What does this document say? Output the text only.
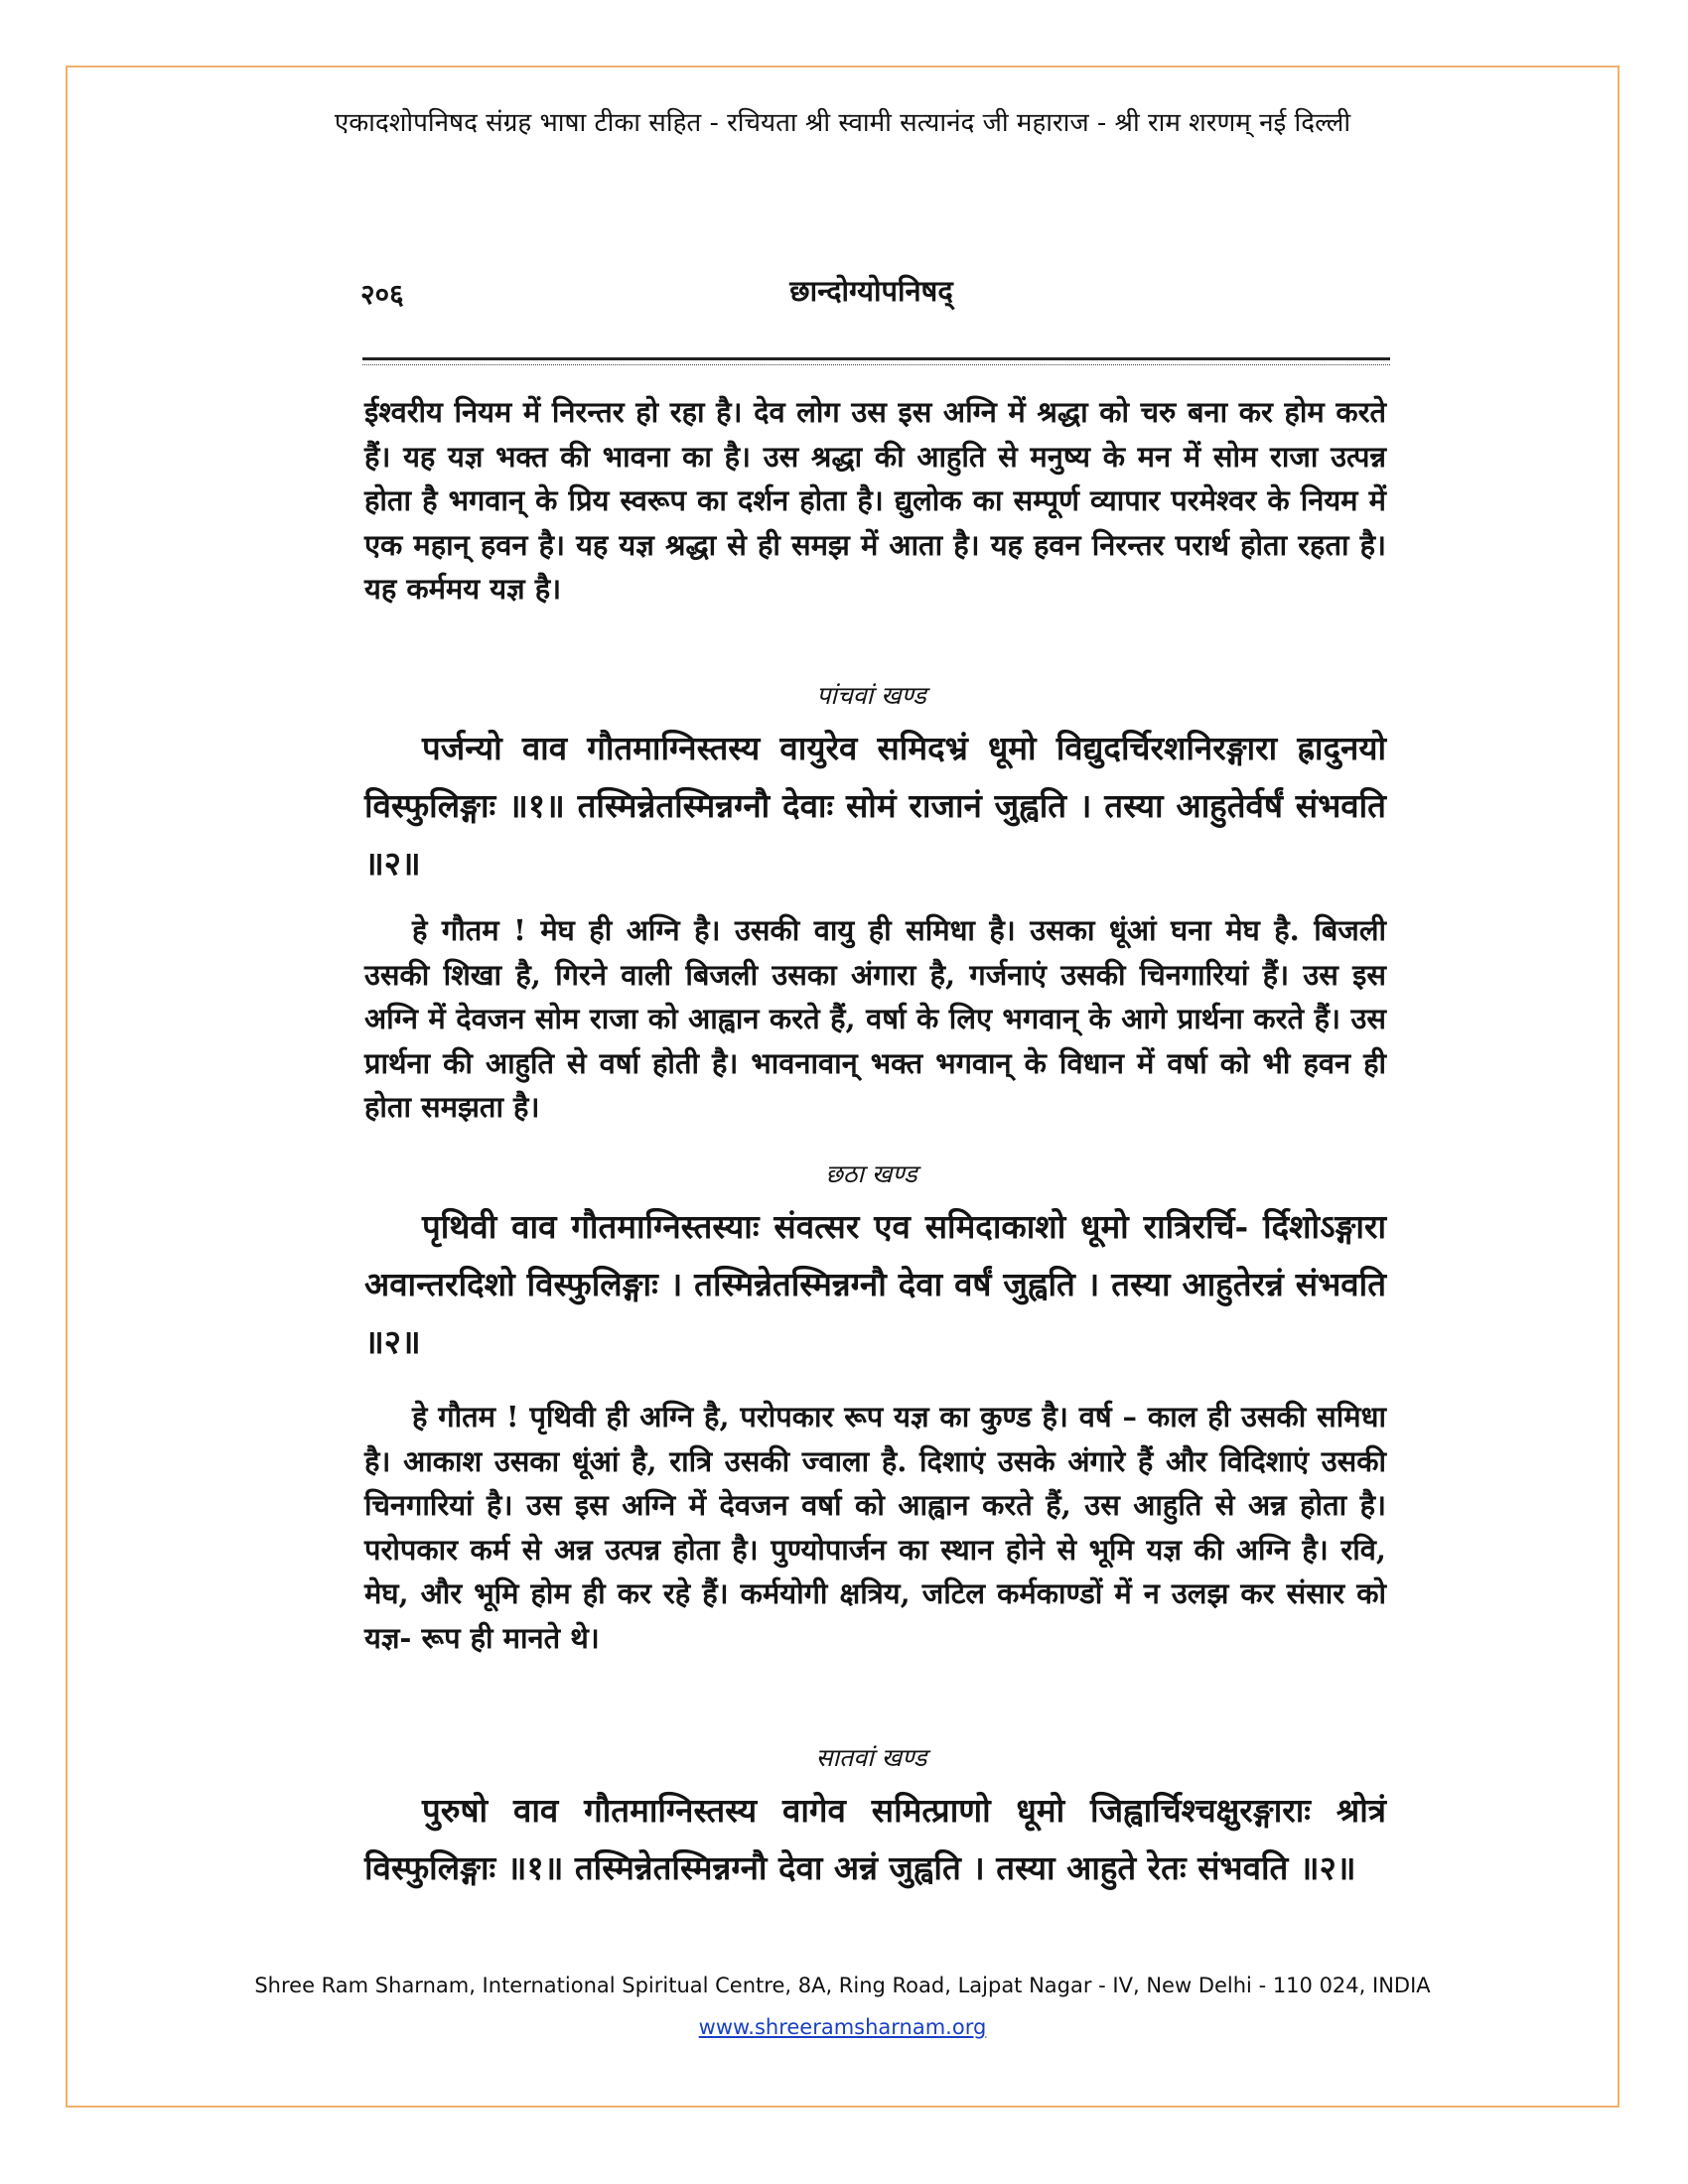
एकादशोपनिषद संग्रह भाषा टीका सहित - रचियता श्री स्वामी सत्यानंद जी महाराज - श्री राम शरणम् नई दिल्ली
२०६	छान्दोग्योपनिषद्

ईश्वरीय नियम में निरन्तर हो रहा है। देव लोग उस इस अग्नि में श्रद्धा को चरु बना कर होम करते हैं। यह यज्ञ भक्त की भावना का है। उस श्रद्धा की आहुति से मनुष्य के मन में सोम राजा उत्पन्न होता है भगवान् के प्रिय स्वरूप का दर्शन होता है। द्युलोक का सम्पूर्ण व्यापार परमेश्वर के नियम में एक महान् हवन है। यह यज्ञ श्रद्धा से ही समझ में आता है। यह हवन निरन्तर परार्थ होता रहता है। यह कर्ममय यज्ञ है।

पांचवां खण्ड

पर्जन्यो वाव गौतमाग्निस्तस्य वायुरेव समिदभ्रं धूमो विद्युदर्चिरशनिरङ्गारा ह्रादुनयो विस्फुलिङ्गाः ॥१॥ तस्मिन्नेतस्मिन्नग्नौ देवाः सोमं राजानं जुह्वति । तस्या आहुतेर्वर्षं संभवति ॥२॥

हे गौतम ! मेघ ही अग्नि है। उसकी वायु ही समिधा है। उसका धूंआं घना मेघ है. बिजली उसकी शिखा है, गिरने वाली बिजली उसका अंगारा है, गर्जनाएं उसकी चिनगारियां हैं। उस इस अग्नि में देवजन सोम राजा को आह्वान करते हैं, वर्षा के लिए भगवान् के आगे प्रार्थना करते हैं। उस प्रार्थना की आहुति से वर्षा होती है। भावनावान् भक्त भगवान् के विधान में वर्षा को भी हवन ही होता समझता है।

छठा खण्ड

पृथिवी वाव गौतमाग्निस्तस्याः संवत्सर एव समिदाकाशो धूमो रात्रिरर्चि- र्दिशोऽङ्गारा अवान्तरदिशो विस्फुलिङ्गाः । तस्मिन्नेतस्मिन्नग्नौ देवा वर्षं जुह्वति । तस्या आहुतेरन्नं संभवति ॥२॥

हे गौतम ! पृथिवी ही अग्नि है, परोपकार रूप यज्ञ का कुण्ड है। वर्ष – काल ही उसकी समिधा है। आकाश उसका धूंआं है, रात्रि उसकी ज्वाला है. दिशाएं उसके अंगारे हैं और विदिशाएं उसकी चिनगारियां है। उस इस अग्नि में देवजन वर्षा को आह्वान करते हैं, उस आहुति से अन्न होता है। परोपकार कर्म से अन्न उत्पन्न होता है। पुण्योपार्जन का स्थान होने से भूमि यज्ञ की अग्नि है। रवि, मेघ, और भूमि होम ही कर रहे हैं। कर्मयोगी क्षत्रिय, जटिल कर्मकाण्डों में न उलझ कर संसार को यज्ञ- रूप ही मानते थे।

सातवां खण्ड

पुरुषो वाव गौतमाग्निस्तस्य वागेव समित्प्राणो धूमो जिह्वार्चिश्चक्षुरङ्गाराः श्रोत्रं विस्फुलिङ्गाः ॥१॥ तस्मिन्नेतस्मिन्नग्नौ देवा अन्नं जुह्वति । तस्या आहुते रेतः संभवति ॥२॥

Shree Ram Sharnam, International Spiritual Centre, 8A, Ring Road, Lajpat Nagar - IV, New Delhi - 110 024, INDIA
www.shreeramsharnam.org
